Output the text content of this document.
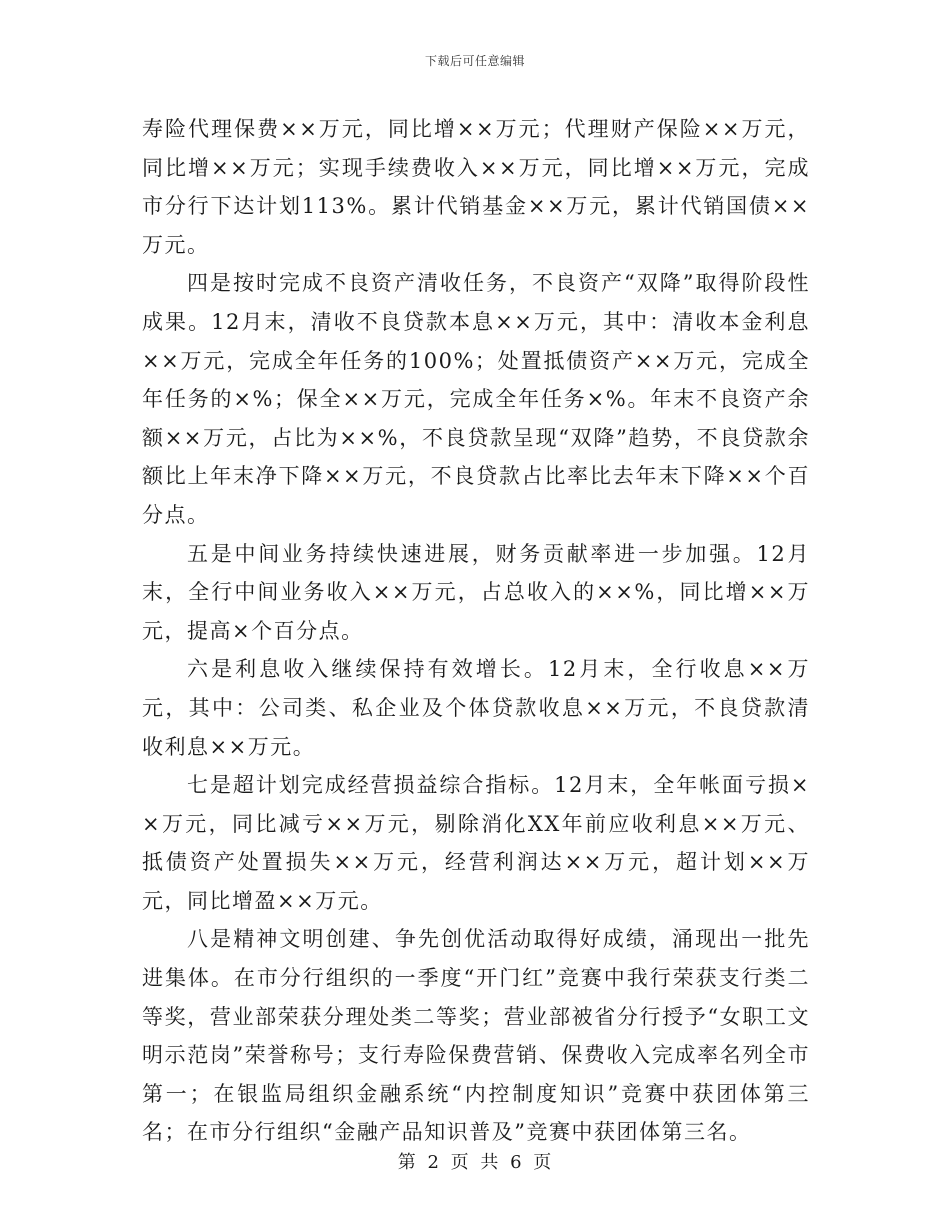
下载后可任意编辑

寿险代理保费××万元，同比增××万元；代理财产保险××万元，同比增××万元；实现手续费收入××万元，同比增××万元，完成市分行下达计划113%。累计代销基金××万元，累计代销国债××万元。

四是按时完成不良资产清收任务，不良资产“双降”取得阶段性成果。12月末，清收不良贷款本息××万元，其中：清收本金利息××万元，完成全年任务的100%；处置抵债资产××万元，完成全年任务的×%；保全××万元，完成全年任务×%。年末不良资产余额××万元，占比为××%，不良贷款呈现“双降”趋势，不良贷款余额比上年末净下降××万元，不良贷款占比率比去年末下降××个百分点。

五是中间业务持续快速进展，财务贡献率进一步加强。12月末，全行中间业务收入××万元，占总收入的××%，同比增××万元，提高×个百分点。

六是利息收入继续保持有效增长。12月末，全行收息××万元，其中：公司类、私企业及个体贷款收息××万元，不良贷款清收利息××万元。

七是超计划完成经营损益综合指标。12月末，全年帐面亏损××万元，同比减亏××万元，剔除消化XX年前应收利息××万元、抵债资产处置损失××万元，经营利润达××万元，超计划××万元，同比增盈××万元。

八是精神文明创建、争先创优活动取得好成绩，涌现出一批先进集体。在市分行组织的一季度“开门红”竞赛中我行荣获支行类二等奖，营业部荣获分理处类二等奖；营业部被省分行授予“女职工文明示范岗”荣誉称号；支行寿险保费营销、保费收入完成率名列全市第一；在银监局组织金融系统“内控制度知识”竞赛中获团体第三名；在市分行组织“金融产品知识普及”竞赛中获团体第三名。

第 2 页 共 6 页
